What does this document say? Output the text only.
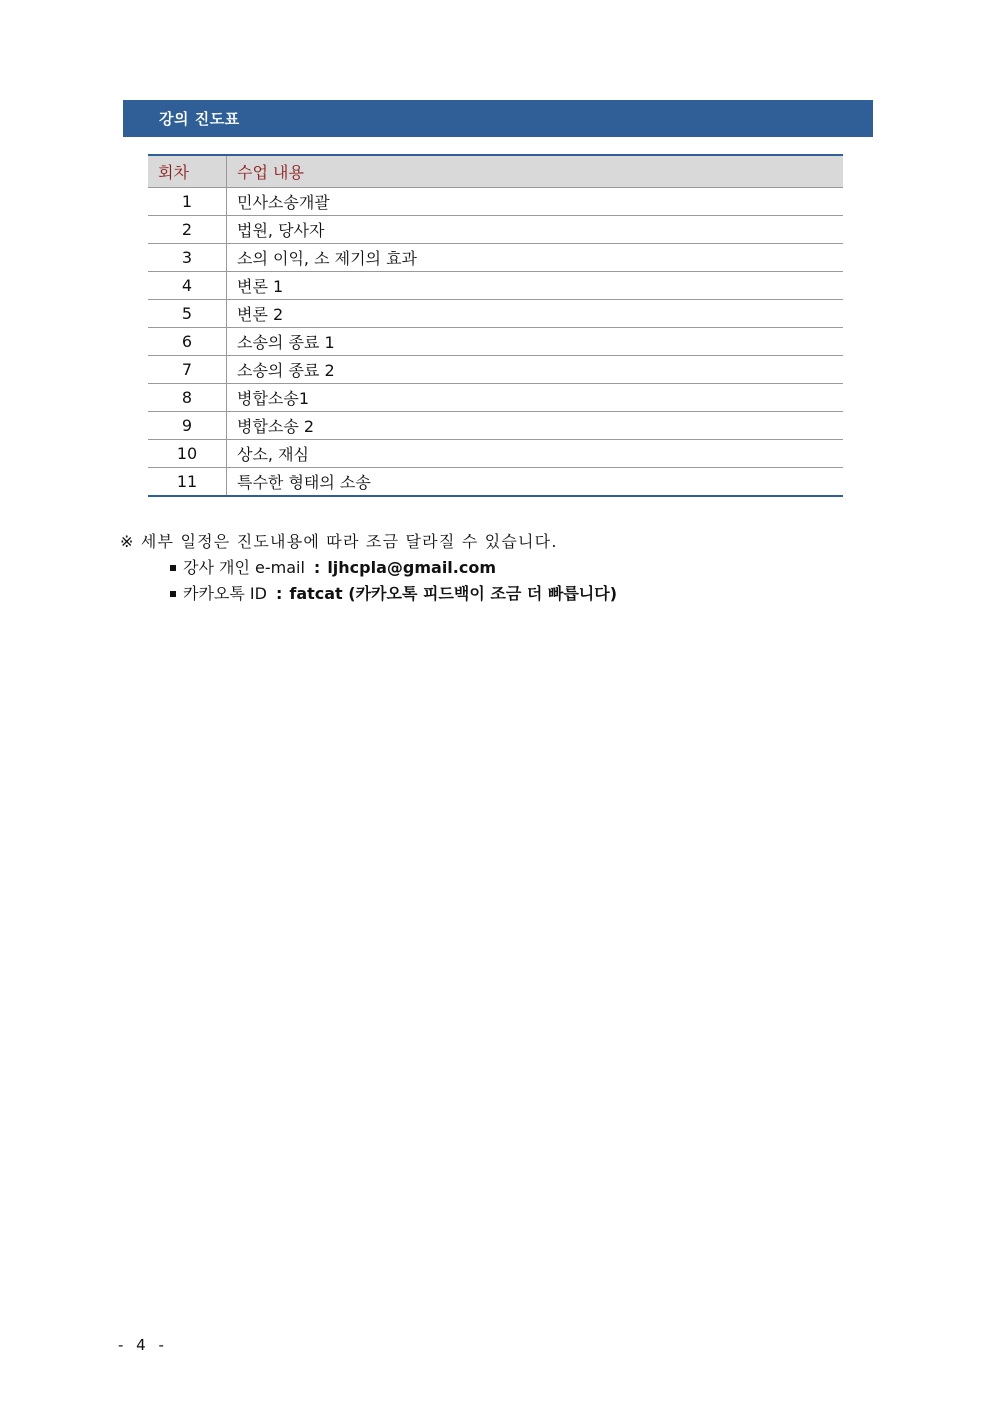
강의 진도표
회차	수업 내용
1	민사소송개괄
2	법원, 당사자
3	소의 이익, 소 제기의 효과
4	변론 1
5	변론 2
6	소송의 종료 1
7	소송의 종료 2
8	병합소송1
9	병합소송 2
10	상소, 재심
11	특수한 형태의 소송
※ 세부 일정은 진도내용에 따라 조금 달라질 수 있습니다.
강사 개인 e-mail : ljhcpla@gmail.com
카카오톡 ID : fatcat (카카오톡 피드백이 조금 더 빠릅니다)
- 4 -
